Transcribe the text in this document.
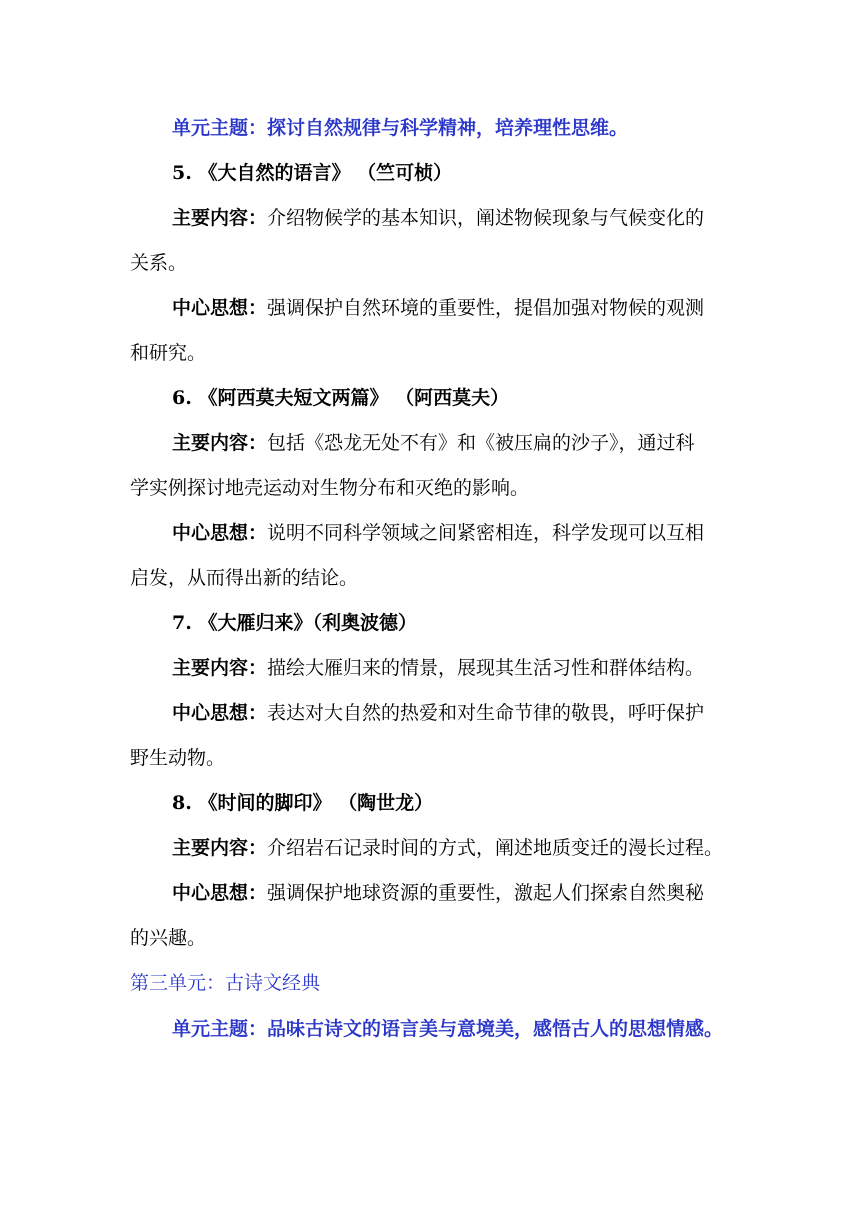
单元主题：探讨自然规律与科学精神，培养理性思维。
5. 《大自然的语言》 （竺可桢）
主要内容：介绍物候学的基本知识，阐述物候现象与气候变化的
关系。
中心思想：强调保护自然环境的重要性，提倡加强对物候的观测
和研究。
6. 《阿西莫夫短文两篇》 （阿西莫夫）
主要内容：包括《恐龙无处不有》和《被压扁的沙子》，通过科
学实例探讨地壳运动对生物分布和灭绝的影响。
中心思想：说明不同科学领域之间紧密相连，科学发现可以互相
启发，从而得出新的结论。
7. 《大雁归来》（利奥波德）
主要内容：描绘大雁归来的情景，展现其生活习性和群体结构。
中心思想：表达对大自然的热爱和对生命节律的敬畏，呼吁保护
野生动物。
8. 《时间的脚印》 （陶世龙）
主要内容：介绍岩石记录时间的方式，阐述地质变迁的漫长过程。
中心思想：强调保护地球资源的重要性，激起人们探索自然奥秘
的兴趣。
第三单元：古诗文经典
单元主题：品味古诗文的语言美与意境美，感悟古人的思想情感。
